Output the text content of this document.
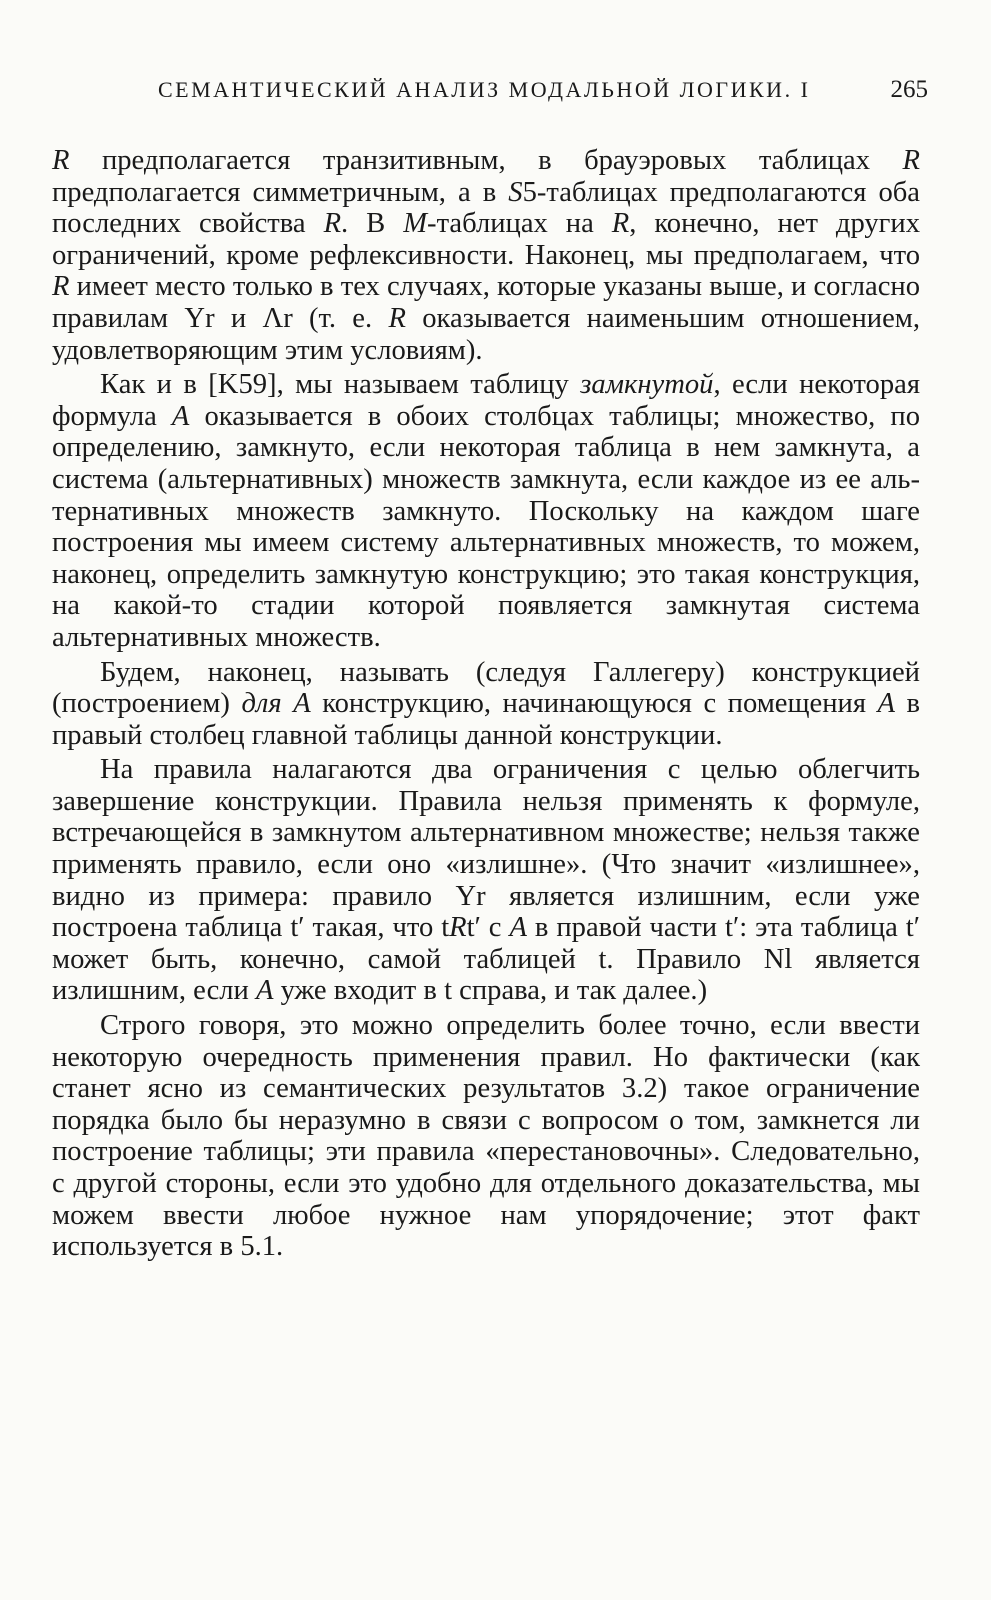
СЕМАНТИЧЕСКИЙ АНАЛИЗ МОДАЛЬНОЙ ЛОГИКИ. I	265

R предполагается транзитивным, в брауэровых таблицах R предполагается симметричным, а в S5-таблицах предполагаются оба последних свойства R. В M-таблицах на R, конечно, нет других ограничений, кроме рефлексивности. Наконец, мы предполагаем, что R имеет место только в тех случаях, которые указаны выше, и согласно правилам Yr и Λr (т. е. R оказывается наименьшим отношением, удовлетворяющим этим условиям).

Как и в [K59], мы называем таблицу замкнутой, если некоторая формула A оказывается в обоих столбцах таблицы; множество, по определению, замкнуто, если некоторая таблица в нем замкнута, а система (альтернативных) множеств замкнута, если каждое из ее альтернативных множеств замкнуто. Поскольку на каждом шаге построения мы имеем систему альтернативных множеств, то можем, наконец, определить замкнутую конструкцию; это такая конструкция, на какой-то стадии которой появляется замкнутая система альтернативных множеств.

Будем, наконец, называть (следуя Галлегеру) конструкцией (построением) для A конструкцию, начинающуюся с помещения A в правый столбец главной таблицы данной конструкции.

На правила налагаются два ограничения с целью облегчить завершение конструкции. Правила нельзя применять к формуле, встречающейся в замкнутом альтернативном множестве; нельзя также применять правило, если оно «излишне». (Что значит «излишнее», видно из примера: правило Yr является излишним, если уже построена таблица t′ такая, что tRt′ с A в правой части t′: эта таблица t′ может быть, конечно, самой таблицей t. Правило Nl является излишним, если A уже входит в t справа, и так далее.)

Строго говоря, это можно определить более точно, если ввести некоторую очередность применения правил. Но фактически (как станет ясно из семантических результатов 3.2) такое ограничение порядка было бы неразумно в связи с вопросом о том, замкнется ли построение таблицы; эти правила «перестановочны». Следовательно, с другой стороны, если это удобно для отдельного доказательства, мы можем ввести любое нужное нам упорядочение; этот факт используется в 5.1.
